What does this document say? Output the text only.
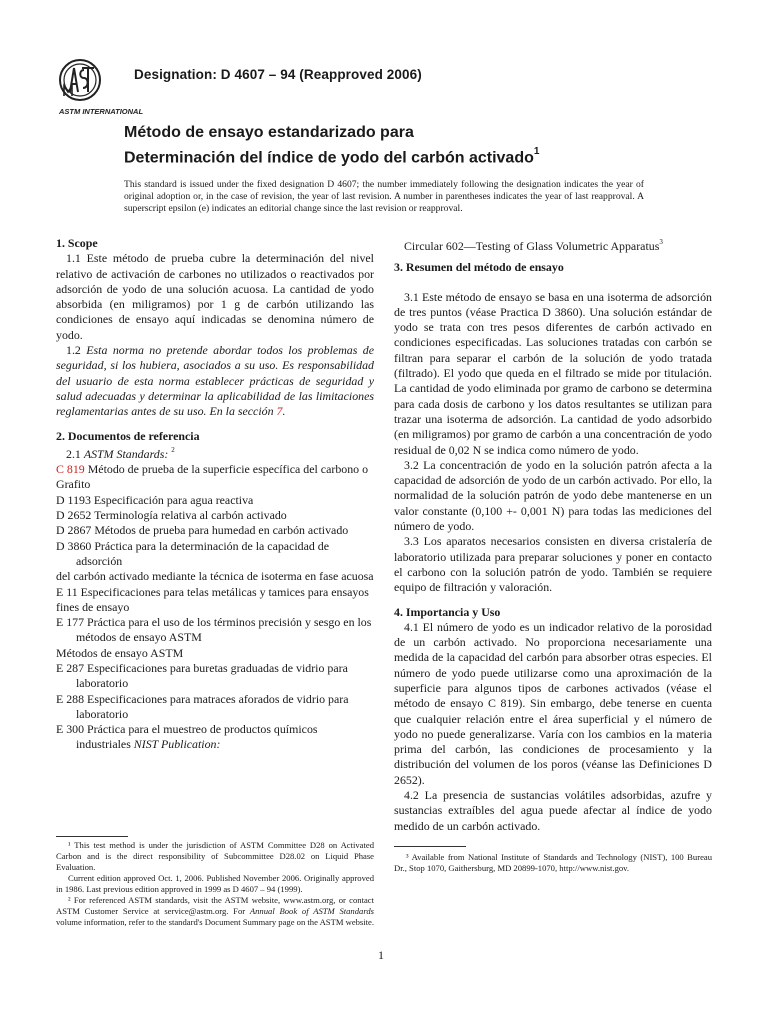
ASTM INTERNATIONAL
Designation: D 4607 – 94 (Reapproved 2006)
Método de ensayo estandarizado para
Determinación del índice de yodo del carbón activado$^1$
This standard is issued under the fixed designation D 4607; the number immediately following the designation indicates the year of original adoption or, in the case of revision, the year of last revision. A number in parentheses indicates the year of last reapproval. A superscript epsilon (e) indicates an editorial change since the last revision or reapproval.
1. Scope

1.1 Este método de prueba cubre la determinación del nivel relativo de activación de carbones no utilizados o reactivados por adsorción de yodo de una solución acuosa. La cantidad de yodo absorbida (en miligramos) por 1 g de carbón utilizando las condiciones de ensayo aquí indicadas se denomina número de yodo.

1.2 Esta norma no pretende abordar todos los problemas de seguridad, si los hubiera, asociados a su uso. Es responsabilidad del usuario de esta norma establecer prácticas de seguridad y salud adecuadas y determinar la aplicabilidad de las limitaciones reglamentarias antes de su uso. En la sección 7.

2. Documentos de referencia

2.1 ASTM Standards: $^2$

C 819 Método de prueba de la superficie específica del carbono o

Grafito

D 1193 Especificación para agua reactiva

D 2652 Terminología relativa al carbón activado

D 2867 Métodos de prueba para humedad en carbón activado

D 3860 Práctica para la determinación de la capacidad de adsorción

del carbón activado mediante la técnica de isoterma en fase acuosa

E 11 Especificaciones para telas metálicas y tamices para ensayos

fines de ensayo

E 177 Práctica para el uso de los términos precisión y sesgo en los métodos de ensayo ASTM

Métodos de ensayo ASTM

E 287 Especificaciones para buretas graduadas de vidrio para laboratorio

E 288 Especificaciones para matraces aforados de vidrio para laboratorio

E 300 Práctica para el muestreo de productos químicos industriales NIST Publication:

Circular 602—Testing of Glass Volumetric Apparatus$^3$

3. Resumen del método de ensayo

3.1 Este método de ensayo se basa en una isoterma de adsorción de tres puntos (véase Practica D 3860). Una solución estándar de yodo se trata con tres pesos diferentes de carbón activado en condiciones especificadas. Las soluciones tratadas con carbón se filtran para separar el carbón de la solución de yodo tratada (filtrado). El yodo que queda en el filtrado se mide por titulación. La cantidad de yodo eliminada por gramo de carbono se determina para cada dosis de carbono y los datos resultantes se utilizan para trazar una isoterma de adsorción. La cantidad de yodo adsorbido (en miligramos) por gramo de carbón a una concentración de yodo residual de 0,02 N se indica como número de yodo.

3.2 La concentración de yodo en la solución patrón afecta a la capacidad de adsorción de yodo de un carbón activado. Por ello, la normalidad de la solución patrón de yodo debe mantenerse en un valor constante (0,100 +- 0,001 N) para todas las mediciones del número de yodo.

3.3 Los aparatos necesarios consisten en diversa cristalería de laboratorio utilizada para preparar soluciones y poner en contacto el carbono con la solución patrón de yodo. También se requiere equipo de filtración y valoración.

4. Importancia y Uso

4.1 El número de yodo es un indicador relativo de la porosidad de un carbón activado. No proporciona necesariamente una medida de la capacidad del carbón para absorber otras especies. El número de yodo puede utilizarse como una aproximación de la superficie para algunos tipos de carbones activados (véase el método de ensayo C 819). Sin embargo, debe tenerse en cuenta que cualquier relación entre el área superficial y el número de yodo no puede generalizarse. Varía con los cambios en la materia prima del carbón, las condiciones de procesamiento y la distribución del volumen de los poros (véanse las Definiciones D 2652).

4.2 La presencia de sustancias volátiles adsorbidas, azufre y sustancias extraíbles del agua puede afectar al índice de yodo medido de un carbón activado.

¹ This test method is under the jurisdiction of ASTM Committee D28 on Activated Carbon and is the direct responsibility of Subcommittee D28.02 on Liquid Phase Evaluation.

Current edition approved Oct. 1, 2006. Published November 2006. Originally approved in 1986. Last previous edition approved in 1999 as D 4607 – 94 (1999).

² For referenced ASTM standards, visit the ASTM website, www.astm.org, or contact ASTM Customer Service at service@astm.org. For Annual Book of ASTM Standards volume information, refer to the standard's Document Summary page on the ASTM website.

³ Available from National Institute of Standards and Technology (NIST), 100 Bureau Dr., Stop 1070, Gaithersburg, MD 20899-1070, http://www.nist.gov.

1
